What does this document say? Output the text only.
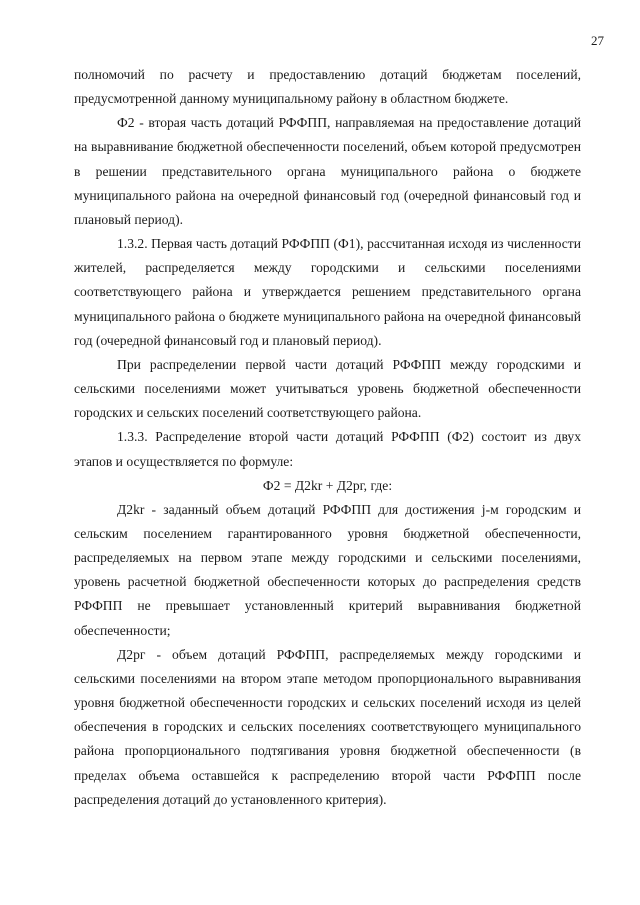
27

полномочий по расчету и предоставлению дотаций бюджетам поселений, предусмотренной данному муниципальному району в областном бюджете.

Ф2 - вторая часть дотаций РФФПП, направляемая на предоставление дотаций на выравнивание бюджетной обеспеченности поселений, объем которой предусмотрен в решении представительного органа муниципального района о бюджете муниципального района на очередной финансовый год (очередной финансовый год и плановый период).

1.3.2. Первая часть дотаций РФФПП (Ф1), рассчитанная исходя из численности жителей, распределяется между городскими и сельскими поселениями соответствующего района и утверждается решением представительного органа муниципального района о бюджете муниципального района на очередной финансовый год (очередной финансовый год и плановый период).

При распределении первой части дотаций РФФПП между городскими и сельскими поселениями может учитываться уровень бюджетной обеспеченности городских и сельских поселений соответствующего района.

1.3.3. Распределение второй части дотаций РФФПП (Ф2) состоит из двух этапов и осуществляется по формуле:

Ф2 = Д2kr + Д2рг, где:

Д2kr - заданный объем дотаций РФФПП для достижения j-м городским и сельским поселением гарантированного уровня бюджетной обеспеченности, распределяемых на первом этапе между городскими и сельскими поселениями, уровень расчетной бюджетной обеспеченности которых до распределения средств РФФПП не превышает установленный критерий выравнивания бюджетной обеспеченности;

Д2рг - объем дотаций РФФПП, распределяемых между городскими и сельскими поселениями на втором этапе методом пропорционального выравнивания уровня бюджетной обеспеченности городских и сельских поселений исходя из целей обеспечения в городских и сельских поселениях соответствующего муниципального района пропорционального подтягивания уровня бюджетной обеспеченности (в пределах объема оставшейся к распределению второй части РФФПП после распределения дотаций до установленного критерия).
